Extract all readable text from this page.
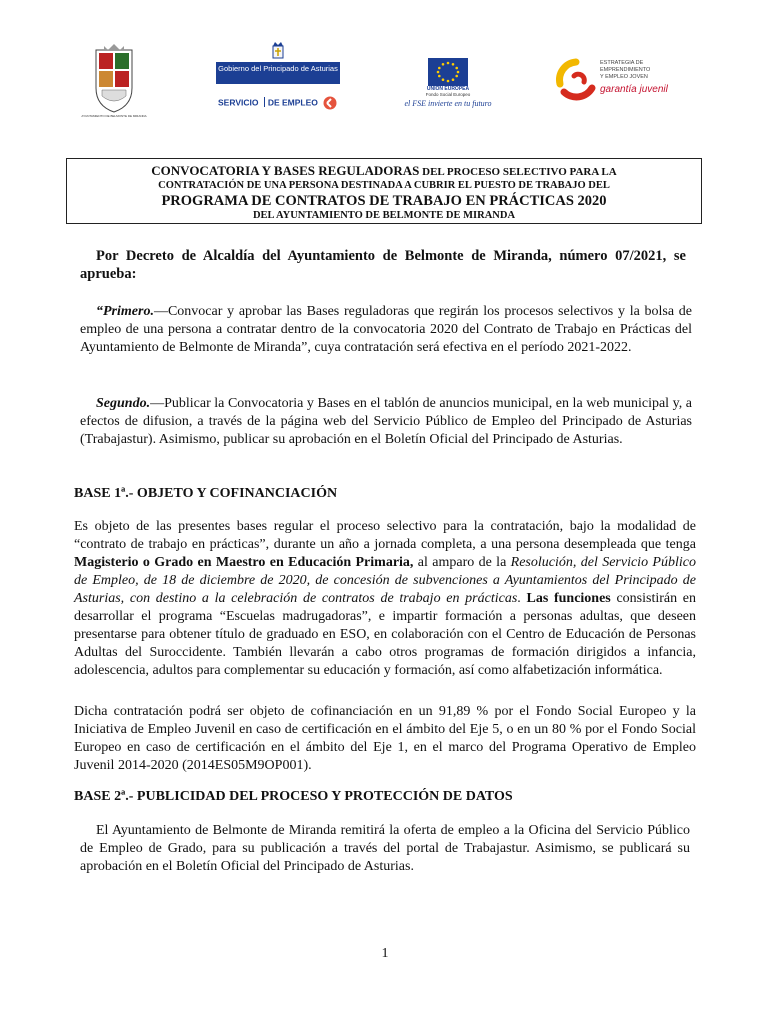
AYUNTAMIENTO DE BELMONTE DE MIRANDA
Gobierno del Principado de Asturias
SERVICIO DE EMPLEO
UNIÓN EUROPEA
Fondo Social Europeo
el FSE invierte en tu futuro
ESTRATEGIA DE
EMPRENDIMIENTO
Y EMPLEO JOVEN
garantía juvenil
CONVOCATORIA Y BASES REGULADORAS DEL PROCESO SELECTIVO PARA LA
CONTRATACIÓN DE UNA PERSONA DESTINADA A CUBRIR EL PUESTO DE TRABAJO DEL
PROGRAMA DE CONTRATOS DE TRABAJO EN PRÁCTICAS 2020
DEL AYUNTAMIENTO DE BELMONTE DE MIRANDA
Por Decreto de Alcaldía del Ayuntamiento de Belmonte de Miranda, número 07/2021, se aprueba:
“Primero.—Convocar y aprobar las Bases reguladoras que regirán los procesos selectivos y la bolsa de empleo de una persona a contratar dentro de la convocatoria 2020 del Contrato de Trabajo en Prácticas del Ayuntamiento de Belmonte de Miranda”, cuya contratación será efectiva en el período 2021-2022.
Segundo.—Publicar la Convocatoria y Bases en el tablón de anuncios municipal, en la web municipal y, a efectos de difusion, a través de la página web del Servicio Público de Empleo del Principado de Asturias (Trabajastur). Asimismo, publicar su aprobación en el Boletín Oficial del Principado de Asturias.
BASE 1ª.- OBJETO Y COFINANCIACIÓN
Es objeto de las presentes bases regular el proceso selectivo para la contratación, bajo la modalidad de “contrato de trabajo en prácticas”, durante un año a jornada completa, a una persona desempleada que tenga Magisterio o Grado en Maestro en Educación Primaria, al amparo de la Resolución, del Servicio Público de Empleo, de 18 de diciembre de 2020, de concesión de subvenciones a Ayuntamientos del Principado de Asturias, con destino a la celebración de contratos de trabajo en prácticas. Las funciones consistirán en desarrollar el programa “Escuelas madrugadoras”, e impartir formación a personas adultas, que deseen presentarse para obtener título de graduado en ESO, en colaboración con el Centro de Educación de Personas Adultas del Suroccidente. También llevarán a cabo otros programas de formación dirigidos a infancia, adolescencia, adultos para complementar su educación y formación, así como alfabetización informática.
Dicha contratación podrá ser objeto de cofinanciación en un 91,89 % por el Fondo Social Europeo y la Iniciativa de Empleo Juvenil en caso de certificación en el ámbito del Eje 5, o en un 80 % por el Fondo Social Europeo en caso de certificación en el ámbito del Eje 1, en el marco del Programa Operativo de Empleo Juvenil 2014-2020 (2014ES05M9OP001).
BASE 2ª.- PUBLICIDAD DEL PROCESO Y PROTECCIÓN DE DATOS
El Ayuntamiento de Belmonte de Miranda remitirá la oferta de empleo a la Oficina del Servicio Público de Empleo de Grado, para su publicación a través del portal de Trabajastur. Asimismo, se publicará su aprobación en el Boletín Oficial del Principado de Asturias.
1
